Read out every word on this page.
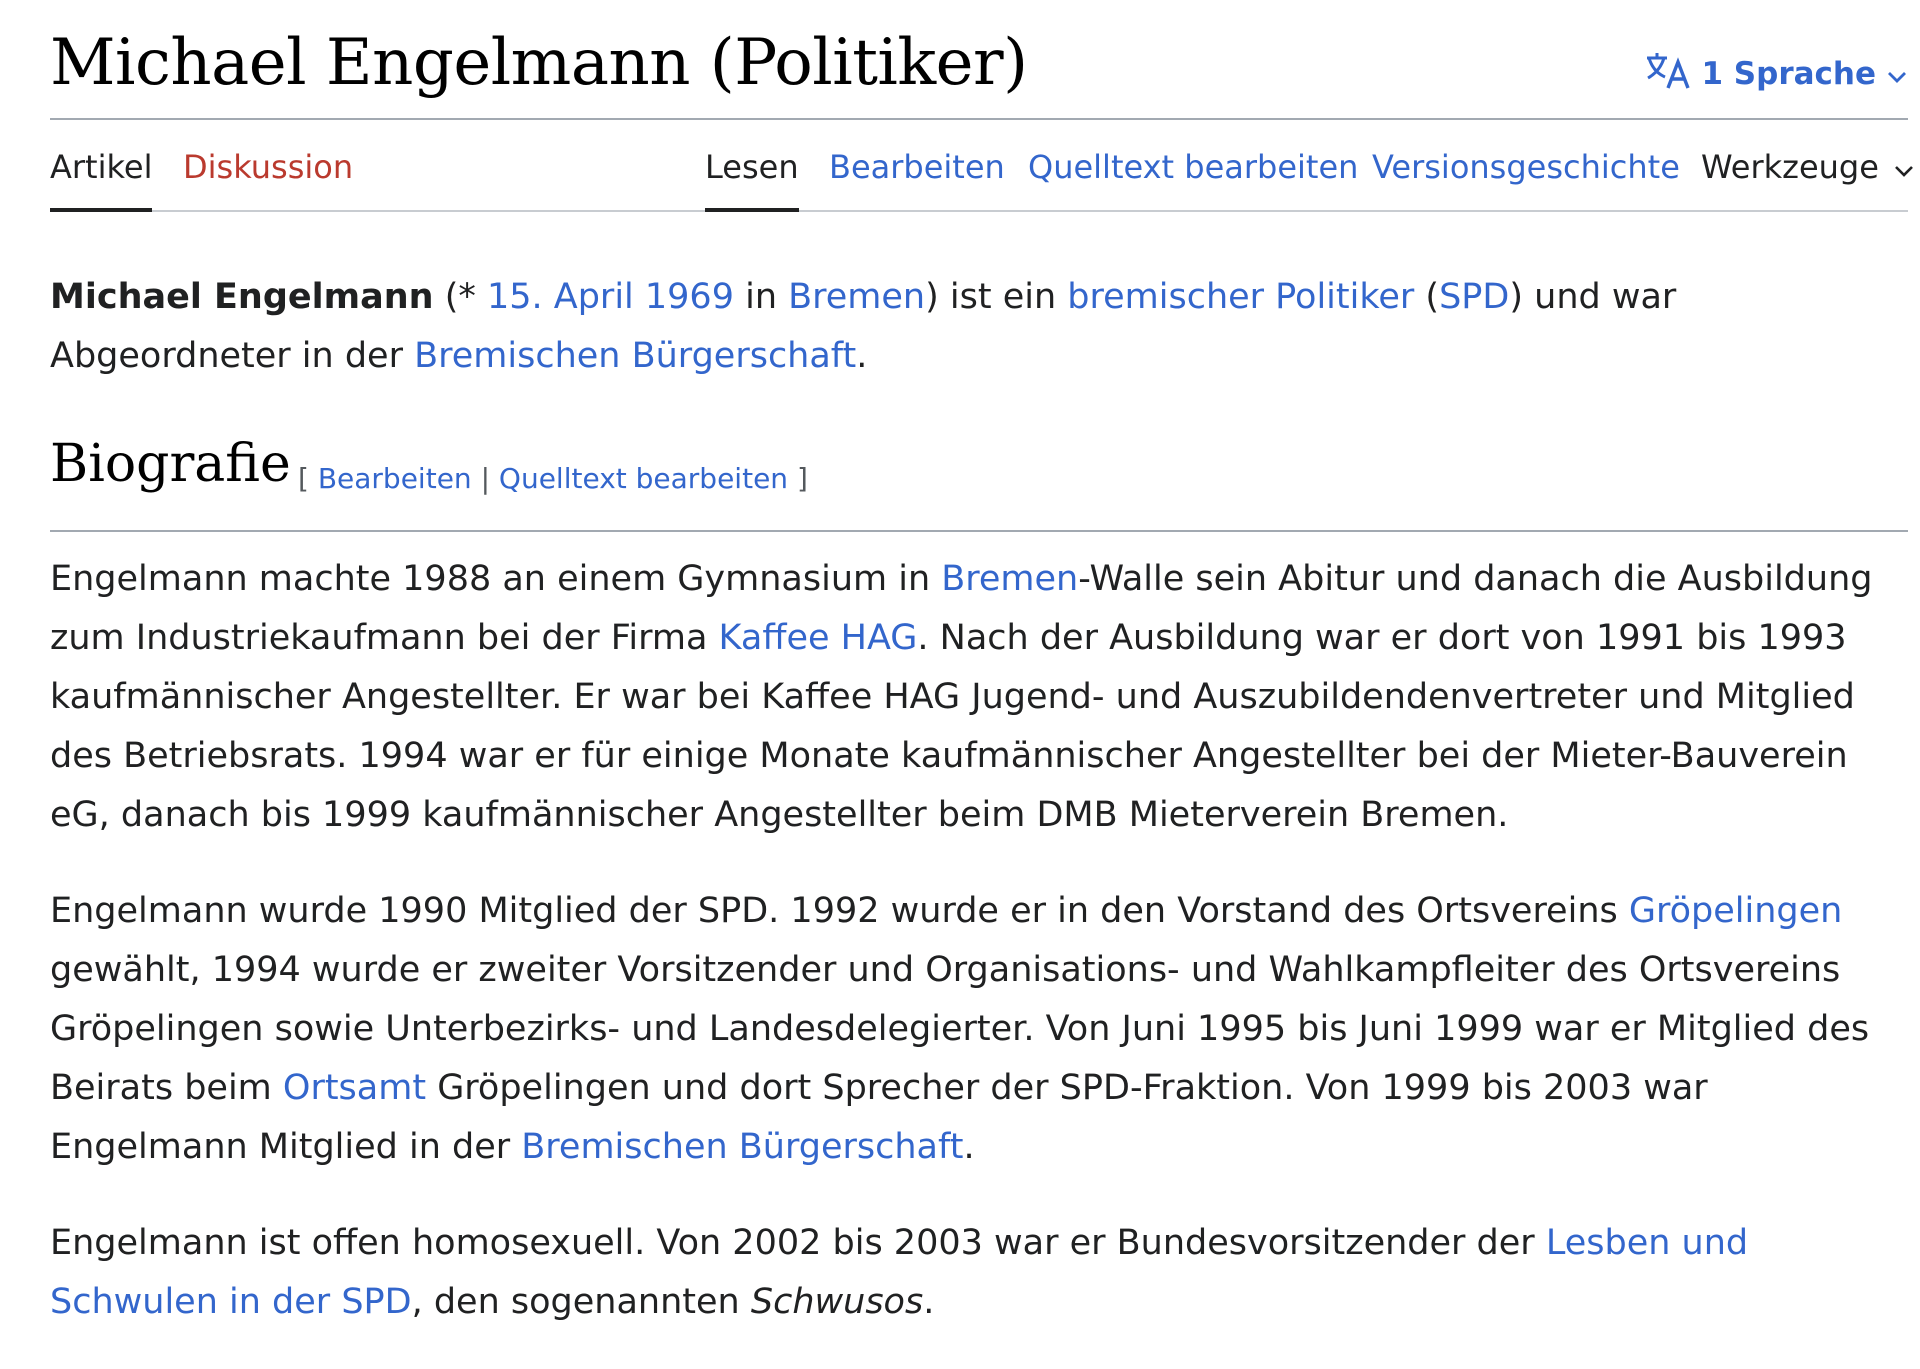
Michael Engelmann (Politiker)	1 Sprache
Artikel Diskussion	Lesen Bearbeiten Quelltext bearbeiten Versionsgeschichte Werkzeuge

Michael Engelmann (* 15. April 1969 in Bremen) ist ein bremischer Politiker (SPD) und war Abgeordneter in der Bremischen Bürgerschaft.

Biografie [ Bearbeiten | Quelltext bearbeiten ]

Engelmann machte 1988 an einem Gymnasium in Bremen-Walle sein Abitur und danach die Ausbildung zum Industriekaufmann bei der Firma Kaffee HAG. Nach der Ausbildung war er dort von 1991 bis 1993 kaufmännischer Angestellter. Er war bei Kaffee HAG Jugend- und Auszubildendenvertreter und Mitglied des Betriebsrats. 1994 war er für einige Monate kaufmännischer Angestellter bei der Mieter-Bauverein eG, danach bis 1999 kaufmännischer Angestellter beim DMB Mieterverein Bremen.

Engelmann wurde 1990 Mitglied der SPD. 1992 wurde er in den Vorstand des Ortsvereins Gröpelingen gewählt, 1994 wurde er zweiter Vorsitzender und Organisations- und Wahlkampfleiter des Ortsvereins Gröpelingen sowie Unterbezirks- und Landesdelegierter. Von Juni 1995 bis Juni 1999 war er Mitglied des Beirats beim Ortsamt Gröpelingen und dort Sprecher der SPD-Fraktion. Von 1999 bis 2003 war Engelmann Mitglied in der Bremischen Bürgerschaft.

Engelmann ist offen homosexuell. Von 2002 bis 2003 war er Bundesvorsitzender der Lesben und Schwulen in der SPD, den sogenannten Schwusos.
